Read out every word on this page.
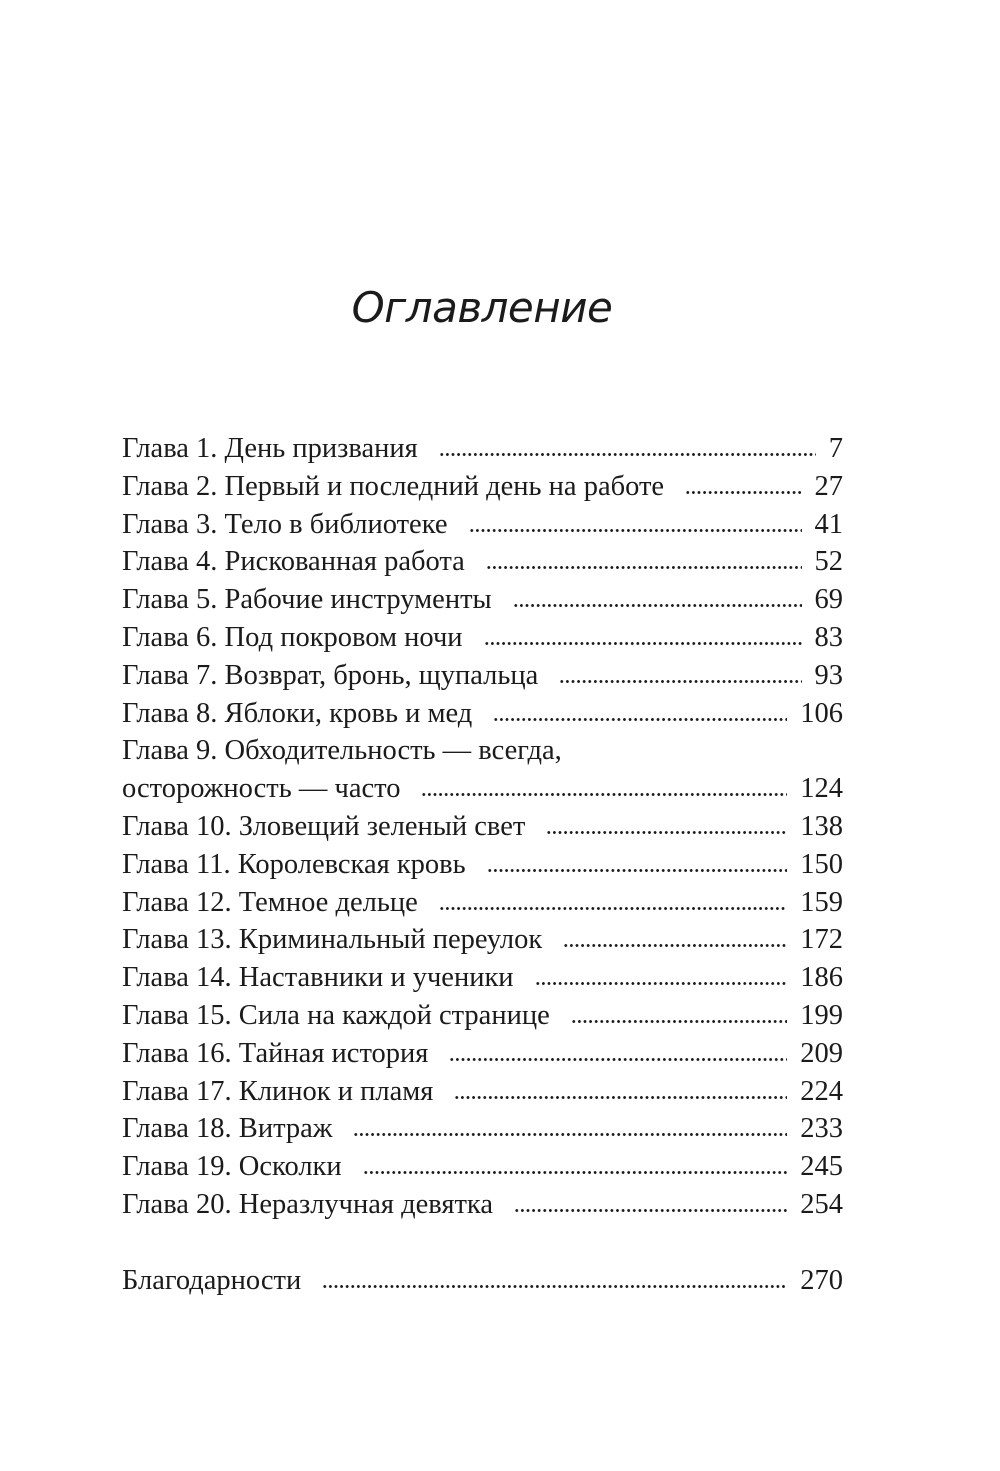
Оглавление
Глава 1. День призвания	7
Глава 2. Первый и последний день на работе	27
Глава 3. Тело в библиотеке	41
Глава 4. Рискованная работа	52
Глава 5. Рабочие инструменты	69
Глава 6. Под покровом ночи	83
Глава 7. Возврат, бронь, щупальца	93
Глава 8. Яблоки, кровь и мед	106
Глава 9. Обходительность — всегда,
осторожность — часто	124
Глава 10. Зловещий зеленый свет	138
Глава 11. Королевская кровь	150
Глава 12. Темное дельце	159
Глава 13. Криминальный переулок	172
Глава 14. Наставники и ученики	186
Глава 15. Сила на каждой странице	199
Глава 16. Тайная история	209
Глава 17. Клинок и пламя	224
Глава 18. Витраж	233
Глава 19. Осколки	245
Глава 20. Неразлучная девятка	254
Благодарности	270
